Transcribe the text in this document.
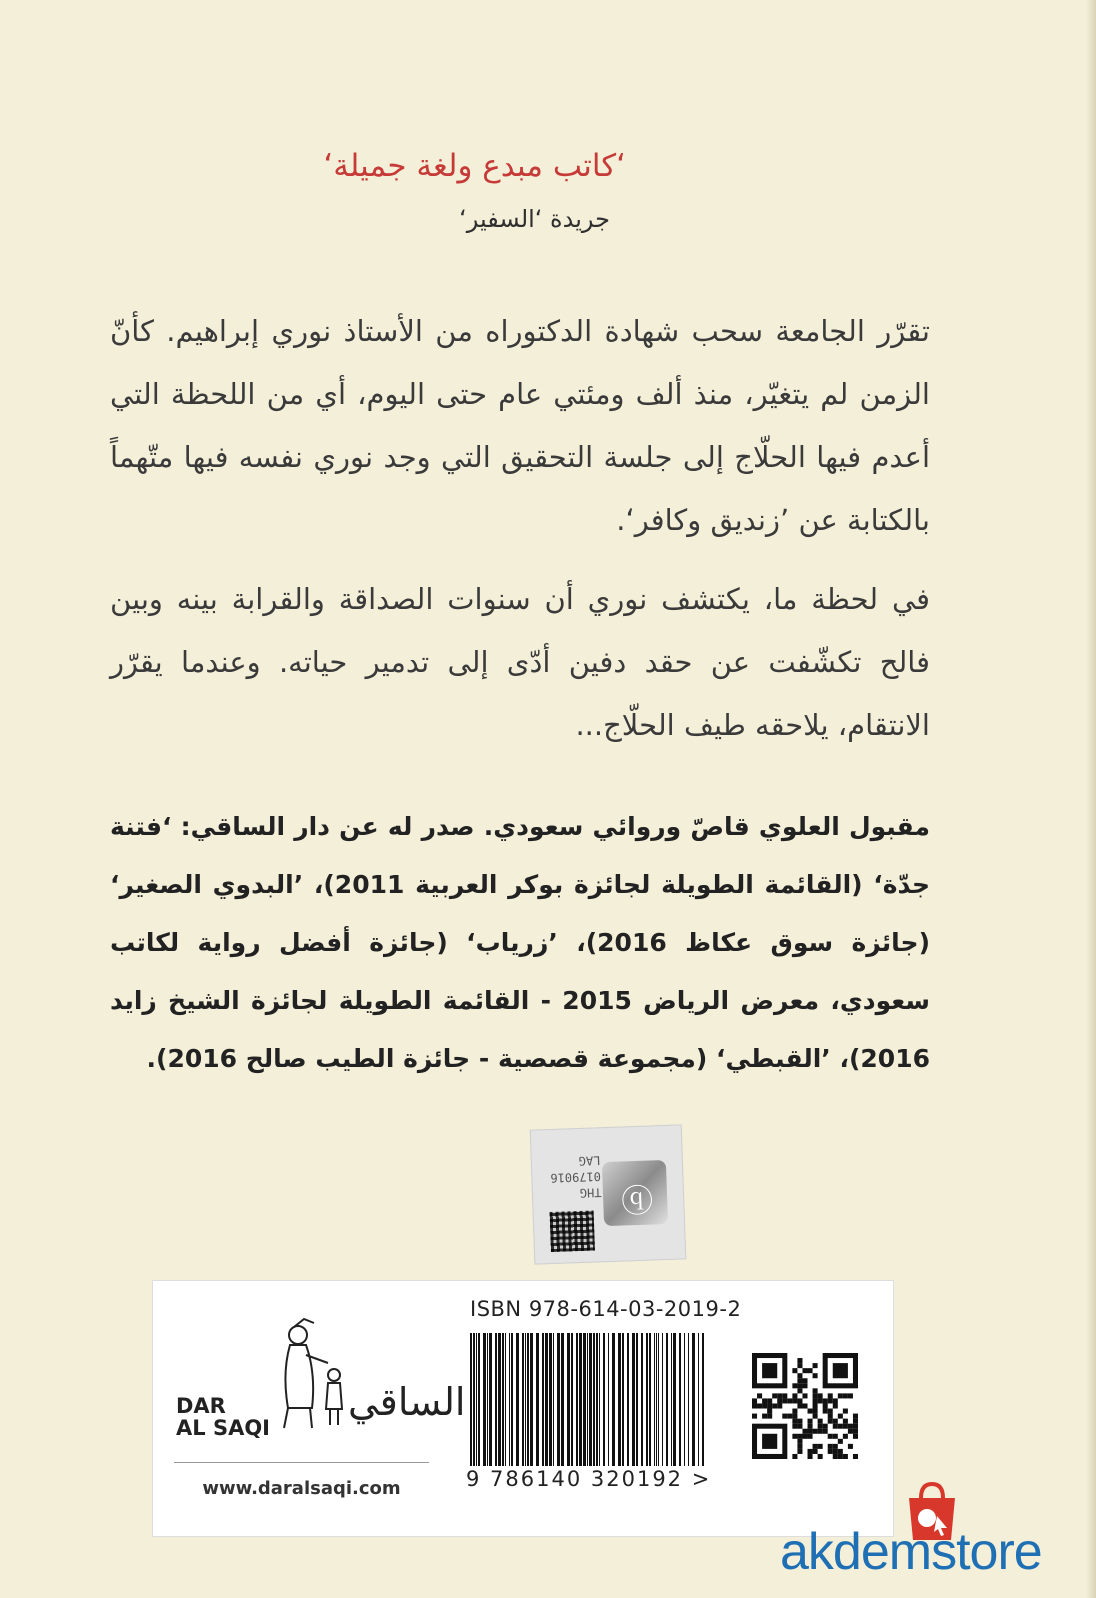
‘كاتب مبدع ولغة جميلة‘
جريدة ‘السفير‘
تقرّر الجامعة سحب شهادة الدكتوراه من الأستاذ نوري إبراهيم. كأنّ الزمن لم يتغيّر، منذ ألف ومئتي عام حتى اليوم، أي من اللحظة التي أعدم فيها الحلّاج إلى جلسة التحقيق التي وجد نوري نفسه فيها متّهماً بالكتابة عن ’زنديق وكافر‘.
في لحظة ما، يكتشف نوري أن سنوات الصداقة والقرابة بينه وبين فالح تكشّفت عن حقد دفين أدّى إلى تدمير حياته. وعندما يقرّر الانتقام، يلاحقه طيف الحلّاج...
مقبول العلوي قاصّ وروائي سعودي. صدر له عن دار الساقي: ‘فتنة جدّة‘ (القائمة الطويلة لجائزة بوكر العربية 2011)، ’البدوي الصغير‘ (جائزة سوق عكاظ 2016)، ’زرياب‘ (جائزة أفضل رواية لكاتب سعودي، معرض الرياض 2015 - القائمة الطويلة لجائزة الشيخ زايد 2016)، ’القبطي‘ (مجموعة قصصية - جائزة الطيب صالح 2016).
ⓠ
THG
0179016
LAG
DAR
AL SAQI
الساقي
www.daralsaqi.com
ISBN 978-614-03-2019-2
9 786140 320192 >
akdemstore
